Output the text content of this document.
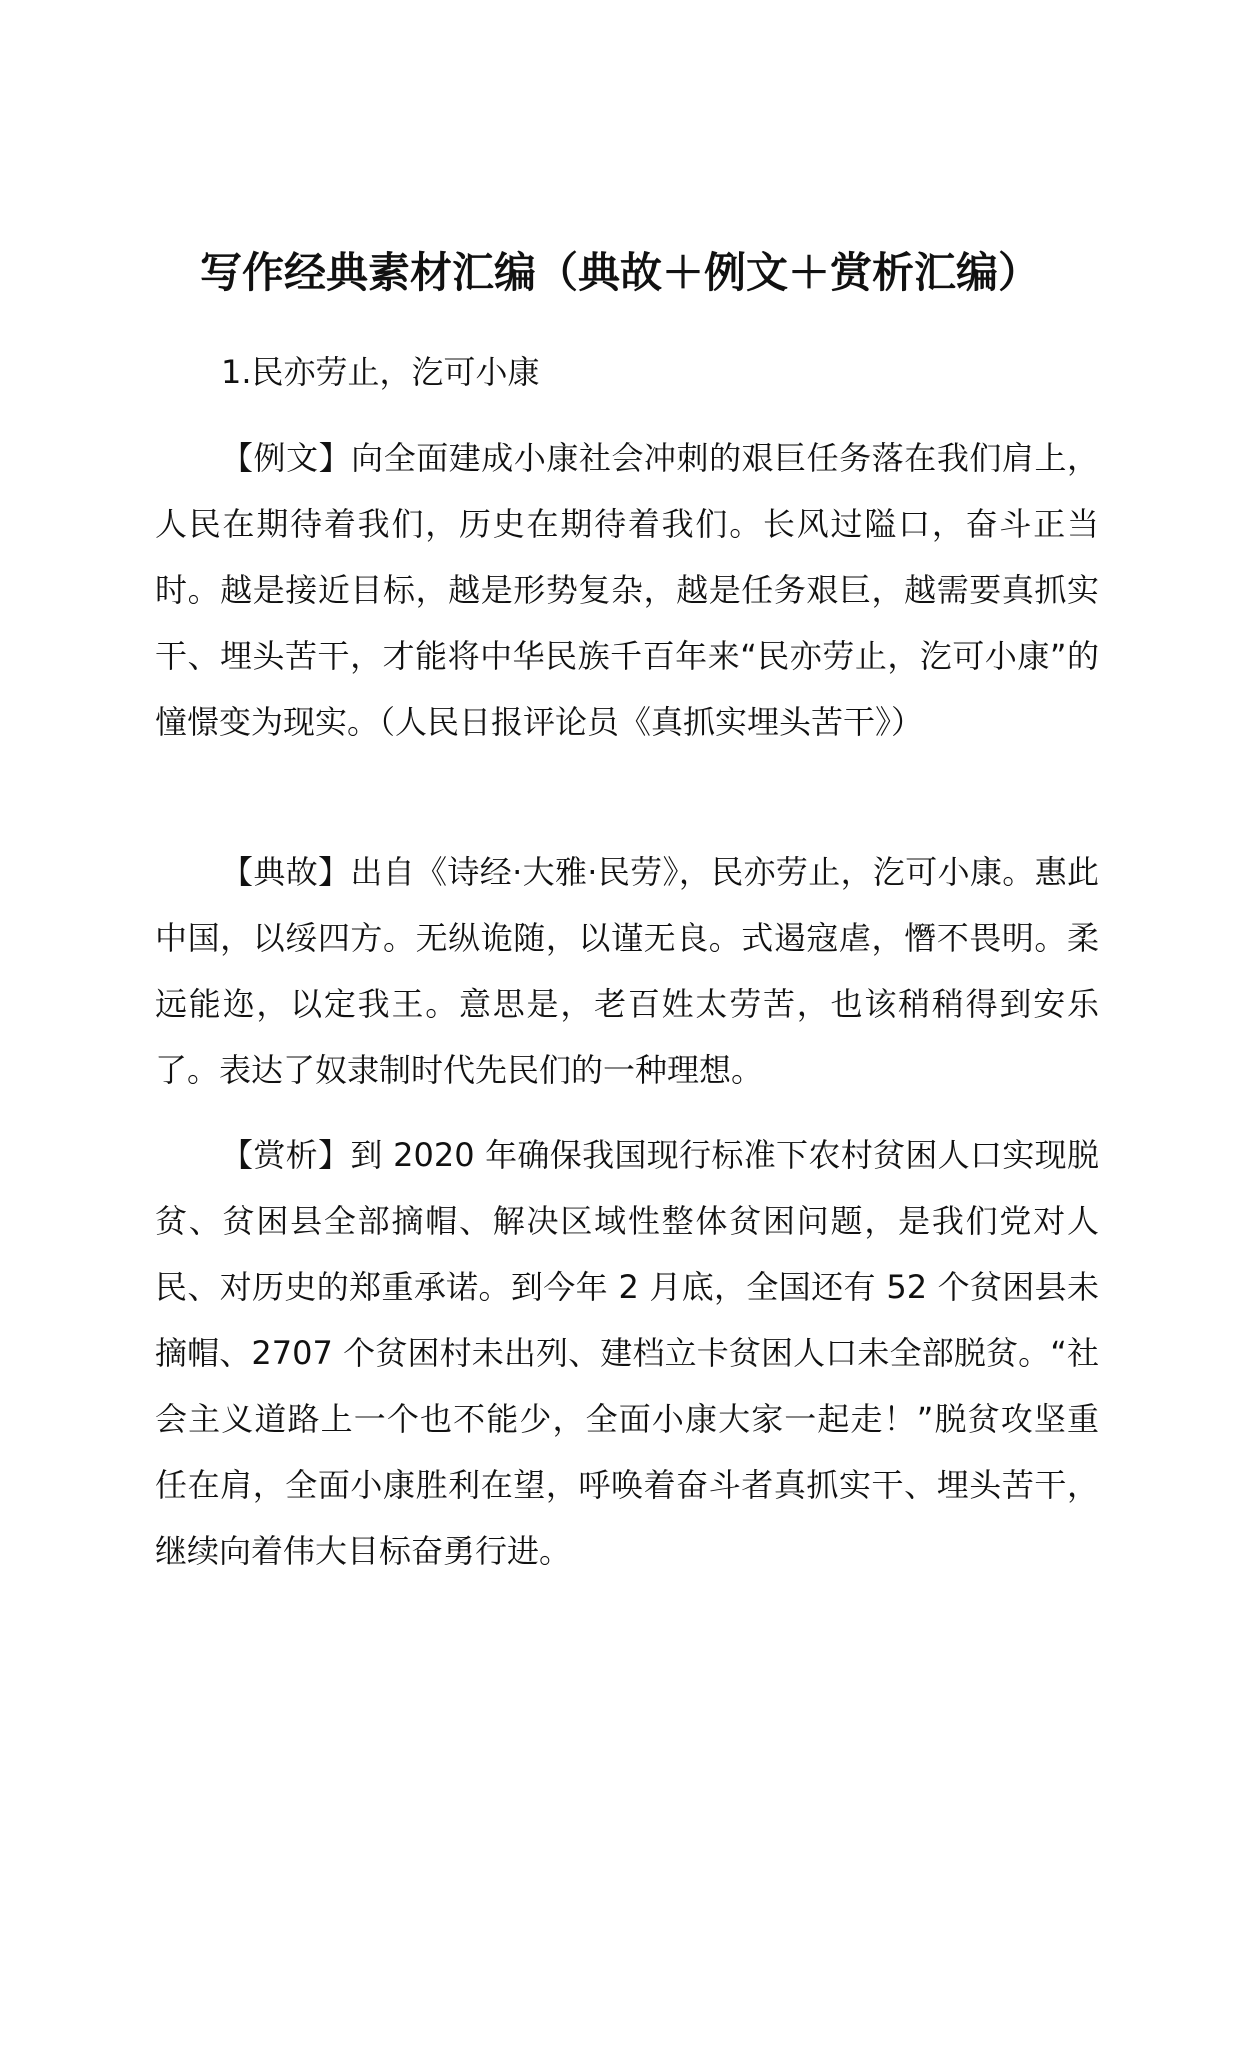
写作经典素材汇编（典故＋例文＋赏析汇编）

1.民亦劳止，汔可小康

【例文】向全面建成小康社会冲刺的艰巨任务落在我们肩上，人民在期待着我们，历史在期待着我们。长风过隘口，奋斗正当时。越是接近目标，越是形势复杂，越是任务艰巨，越需要真抓实干、埋头苦干，才能将中华民族千百年来“民亦劳止，汔可小康”的憧憬变为现实。（人民日报评论员《真抓实埋头苦干》）

【典故】出自《诗经·大雅·民劳》，民亦劳止，汔可小康。惠此中国，以绥四方。无纵诡随，以谨无良。式遏寇虐，憯不畏明。柔远能迩，以定我王。意思是，老百姓太劳苦，也该稍稍得到安乐了。表达了奴隶制时代先民们的一种理想。

【赏析】到 2020 年确保我国现行标准下农村贫困人口实现脱贫、贫困县全部摘帽、解决区域性整体贫困问题，是我们党对人民、对历史的郑重承诺。到今年 2 月底，全国还有 52 个贫困县未摘帽、2707 个贫困村未出列、建档立卡贫困人口未全部脱贫。“社会主义道路上一个也不能少，全面小康大家一起走！”脱贫攻坚重任在肩，全面小康胜利在望，呼唤着奋斗者真抓实干、埋头苦干，继续向着伟大目标奋勇行进。
